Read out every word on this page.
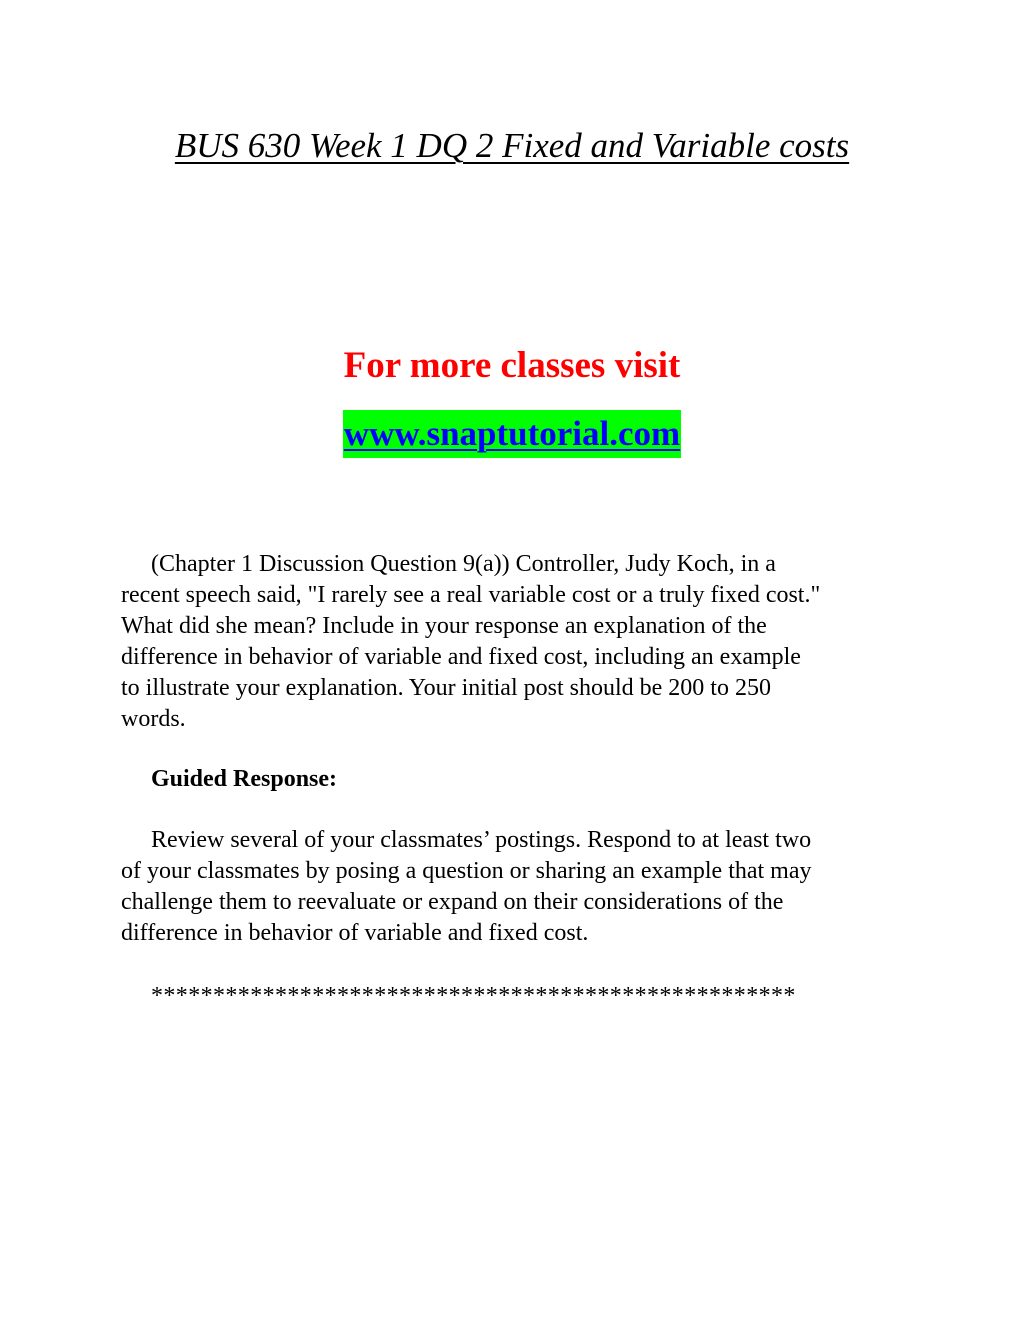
BUS 630 Week 1 DQ 2 Fixed and Variable costs
For more classes visit
www.snaptutorial.com
(Chapter 1 Discussion Question 9(a)) Controller, Judy Koch, in a
recent speech said, "I rarely see a real variable cost or a truly fixed cost."
What did she mean? Include in your response an explanation of the
difference in behavior of variable and fixed cost, including an example
to illustrate your explanation. Your initial post should be 200 to 250
words.
Guided Response:
Review several of your classmates’ postings. Respond to at least two
of your classmates by posing a question or sharing an example that may
challenge them to reevaluate or expand on their considerations of the
difference in behavior of variable and fixed cost.
****************************************************
